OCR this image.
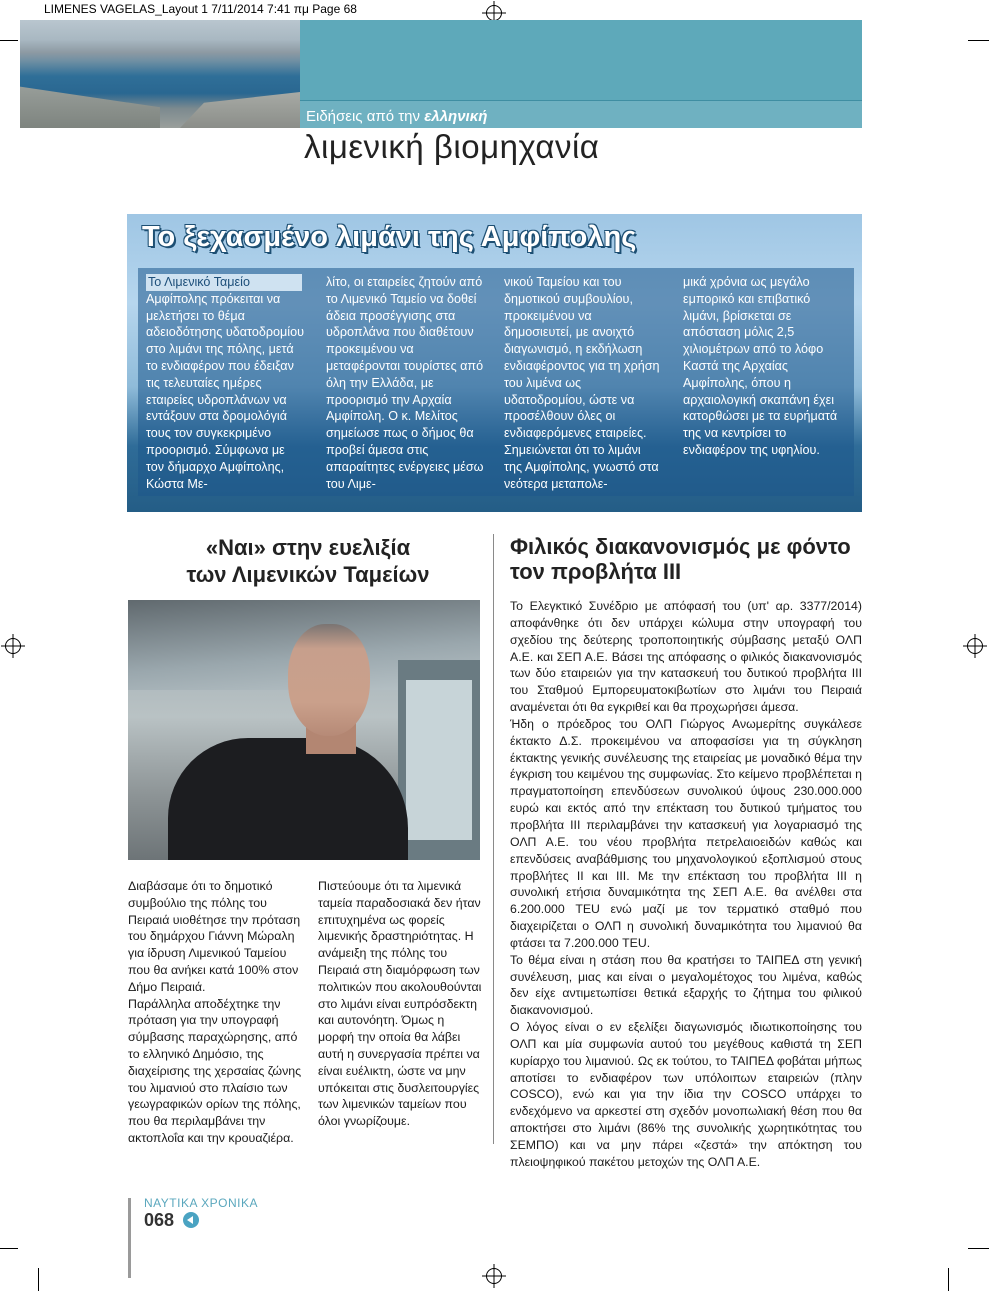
LIMENES VAGELAS_Layout 1 7/11/2014 7:41 πμ Page 68
Ειδήσεις από την ελληνική
λιμενική βιομηχανία
Το ξεχασμένο λιμάνι της Αμφίπολης
Το Λιμενικό Ταμείο Αμφίπολης πρόκειται να μελετήσει το θέμα αδειοδότησης υδατοδρομίου στο λιμάνι της πόλης, μετά το ενδιαφέρον που έδειξαν τις τελευταίες ημέρες εταιρείες υδροπλάνων να εντάξουν στα δρομολόγιά τους τον συγκεκριμένο προορισμό. Σύμφωνα με τον δήμαρχο Αμφίπολης, Κώστα Με-
λίτο, οι εταιρείες ζητούν από το Λιμενικό Ταμείο να δοθεί άδεια προσέγγισης στα υδροπλάνα που διαθέτουν προκειμένου να μεταφέρονται τουρίστες από όλη την Ελλάδα, με προορισμό την Αρχαία Αμφίπολη. Ο κ. Μελίτος σημείωσε πως ο δήμος θα προβεί άμεσα στις απαραίτητες ενέργειες μέσω του Λιμε-
νικού Ταμείου και του δημοτικού συμβουλίου, προκειμένου να δημοσιευτεί, με ανοιχτό διαγωνισμό, η εκδήλωση ενδιαφέροντος για τη χρήση του λιμένα ως υδατοδρομίου, ώστε να προσέλθουν όλες οι ενδιαφερόμενες εταιρείες. Σημειώνεται ότι το λιμάνι της Αμφίπολης, γνωστό στα νεότερα μεταπολε-
μικά χρόνια ως μεγάλο εμπορικό και επιβατικό λιμάνι, βρίσκεται σε απόσταση μόλις 2,5 χιλιομέτρων από το λόφο Καστά της Αρχαίας Αμφίπολης, όπου η αρχαιολογική σκαπάνη έχει κατορθώσει με τα ευρήματά της να κεντρίσει το ενδιαφέρον της υφηλίου.
«Ναι» στην ευελιξία
των Λιμενικών Ταμείων

Διαβάσαμε ότι το δημοτικό συμβούλιο της πόλης του Πειραιά υιοθέτησε την πρόταση του δημάρχου Γιάννη Μώραλη για ίδρυση Λιμενικού Ταμείου που θα ανήκει κατά 100% στον Δήμο Πειραιά.

Παράλληλα αποδέχτηκε την πρόταση για την υπογραφή σύμβασης παραχώρησης, από το ελληνικό Δημόσιο, της διαχείρισης της χερσαίας ζώνης του λιμανιού στο πλαίσιο των γεωγραφικών ορίων της πόλης, που θα περιλαμβάνει την ακτοπλοΐα και την κρουαζιέρα.

Πιστεύουμε ότι τα λιμενικά ταμεία παραδοσιακά δεν ήταν επιτυχημένα ως φορείς λιμενικής δραστηριότητας. Η ανάμειξη της πόλης του Πειραιά στη διαμόρφωση των πολιτικών που ακολουθούνται στο λιμάνι είναι ευπρόσδεκτη και αυτονόητη. Όμως η μορφή την οποία θα λάβει αυτή η συνεργασία πρέπει να είναι ευέλικτη, ώστε να μην υπόκειται στις δυσλειτουργίες των λιμενικών ταμείων που όλοι γνωρίζουμε.

Φιλικός διακανονισμός με φόντο
τον προβλήτα ΙΙΙ

Το Ελεγκτικό Συνέδριο με απόφασή του (υπ' αρ. 3377/2014) αποφάνθηκε ότι δεν υπάρχει κώλυμα στην υπογραφή του σχεδίου της δεύτερης τροποποιητικής σύμβασης μεταξύ ΟΛΠ Α.Ε. και ΣΕΠ Α.Ε. Βάσει της απόφασης ο φιλικός διακανονισμός των δύο εταιρειών για την κατασκευή του δυτικού προβλήτα ΙΙΙ του Σταθμού Εμπορευματοκιβωτίων στο λιμάνι του Πειραιά αναμένεται ότι θα εγκριθεί και θα προχωρήσει άμεσα.

Ήδη ο πρόεδρος του ΟΛΠ Γιώργος Ανωμερίτης συγκάλεσε έκτακτο Δ.Σ. προκειμένου να αποφασίσει για τη σύγκληση έκτακτης γενικής συνέλευσης της εταιρείας με μοναδικό θέμα την έγκριση του κειμένου της συμφωνίας. Στο κείμενο προβλέπεται η πραγματοποίηση επενδύσεων συνολικού ύψους 230.000.000 ευρώ και εκτός από την επέκταση του δυτικού τμήματος του προβλήτα ΙΙΙ περιλαμβάνει την κατασκευή για λογαριασμό της ΟΛΠ Α.Ε. του νέου προβλήτα πετρελαιοειδών καθώς και επενδύσεις αναβάθμισης του μηχανολογικού εξοπλισμού στους προβλήτες ΙΙ και ΙΙΙ. Με την επέκταση του προβλήτα ΙΙΙ η συνολική ετήσια δυναμικότητα της ΣΕΠ Α.Ε. θα ανέλθει στα 6.200.000 TEU ενώ μαζί με τον τερματικό σταθμό που διαχειρίζεται ο ΟΛΠ η συνολική δυναμικότητα του λιμανιού θα φτάσει τα 7.200.000 TEU.

Το θέμα είναι η στάση που θα κρατήσει το ΤΑΙΠΕΔ στη γενική συνέλευση, μιας και είναι ο μεγαλομέτοχος του λιμένα, καθώς δεν είχε αντιμετωπίσει θετικά εξαρχής το ζήτημα του φιλικού διακανονισμού.

Ο λόγος είναι ο εν εξελίξει διαγωνισμός ιδιωτικοποίησης του ΟΛΠ και μία συμφωνία αυτού του μεγέθους καθιστά τη ΣΕΠ κυρίαρχο του λιμανιού. Ως εκ τούτου, το ΤΑΙΠΕΔ φοβάται μήπως αποτίσει το ενδιαφέρον των υπόλοιπων εταιρειών (πλην COSCO), ενώ και για την ίδια την COSCO υπάρχει το ενδεχόμενο να αρκεστεί στη σχεδόν μονοπωλιακή θέση που θα αποκτήσει στο λιμάνι (86% της συνολικής χωρητικότητας του ΣΕΜΠΟ) και να μην πάρει «ζεστά» την απόκτηση του πλειοψηφικού πακέτου μετοχών της ΟΛΠ Α.Ε.

ΝΑΥΤΙΚΑ ΧΡΟΝΙΚΑ
068
